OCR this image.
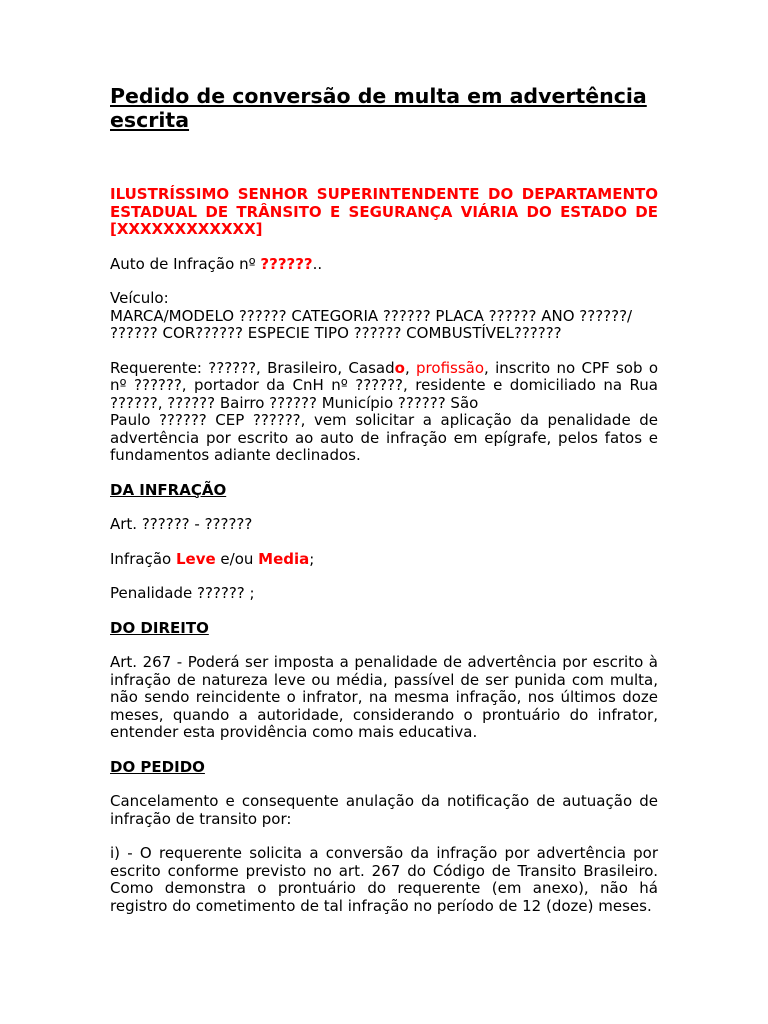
Pedido de conversão de multa em advertência escrita
ILUSTRÍSSIMO SENHOR SUPERINTENDENTE DO DEPARTAMENTO ESTADUAL DE TRÂNSITO E SEGURANÇA VIÁRIA DO ESTADO DE [XXXXXXXXXXXX]

Auto de Infração nº ??????..

Veículo:
MARCA/MODELO ?????? CATEGORIA ?????? PLACA ?????? ANO ??????/
?????? COR?????? ESPECIE TIPO ?????? COMBUSTÍVEL??????

Requerente: ??????, Brasileiro, Casado, profissão, inscrito no CPF sob o nº ??????, portador da CnH nº ??????, residente e domiciliado na Rua ??????, ?????? Bairro ?????? Município ?????? São
Paulo ?????? CEP ??????, vem solicitar a aplicação da penalidade de advertência por escrito ao auto de infração em epígrafe, pelos fatos e fundamentos adiante declinados.

DA INFRAÇÃO

Art. ?????? - ??????

Infração Leve e/ou Media;

Penalidade ?????? ;

DO DIREITO

Art. 267 - Poderá ser imposta a penalidade de advertência por escrito à infração de natureza leve ou média, passível de ser punida com multa, não sendo reincidente o infrator, na mesma infração, nos últimos doze meses, quando a autoridade, considerando o prontuário do infrator, entender esta providência como mais educativa.

DO PEDIDO

Cancelamento e consequente anulação da notificação de autuação de infração de transito por:

i) - O requerente solicita a conversão da infração por advertência por escrito conforme previsto no art. 267 do Código de Transito Brasileiro. Como demonstra o prontuário do requerente (em anexo), não há registro do cometimento de tal infração no período de 12 (doze) meses.
